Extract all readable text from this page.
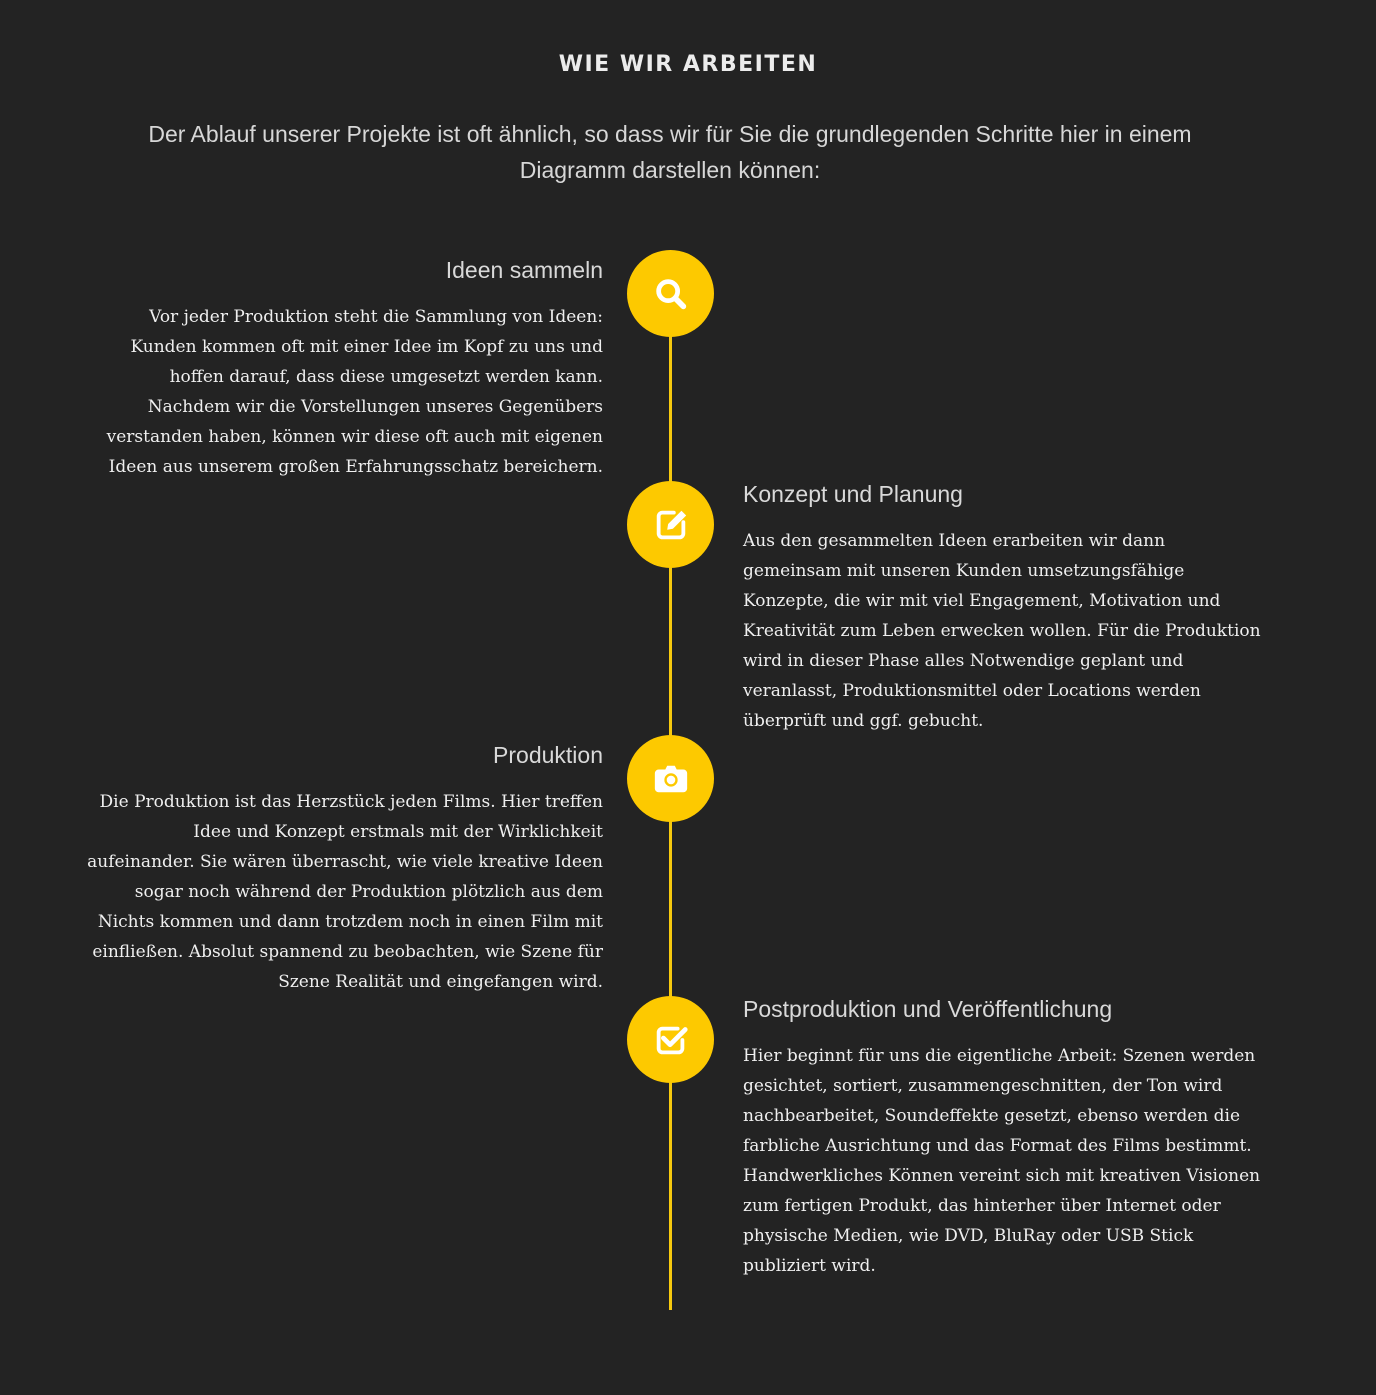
WIE WIR ARBEITEN

Der Ablauf unserer Projekte ist oft ähnlich, so dass wir für Sie die grundlegenden Schritte hier in einem Diagramm darstellen können:

Ideen sammeln

Vor jeder Produktion steht die Sammlung von Ideen: Kunden kommen oft mit einer Idee im Kopf zu uns und hoffen darauf, dass diese umgesetzt werden kann. Nachdem wir die Vorstellungen unseres Gegenübers verstanden haben, können wir diese oft auch mit eigenen Ideen aus unserem großen Erfahrungsschatz bereichern.

Konzept und Planung

Aus den gesammelten Ideen erarbeiten wir dann gemeinsam mit unseren Kunden umsetzungsfähige Konzepte, die wir mit viel Engagement, Motivation und Kreativität zum Leben erwecken wollen. Für die Produktion wird in dieser Phase alles Notwendige geplant und veranlasst, Produktionsmittel oder Locations werden überprüft und ggf. gebucht.

Produktion

Die Produktion ist das Herzstück jeden Films. Hier treffen Idee und Konzept erstmals mit der Wirklichkeit aufeinander. Sie wären überrascht, wie viele kreative Ideen sogar noch während der Produktion plötzlich aus dem Nichts kommen und dann trotzdem noch in einen Film mit einfließen. Absolut spannend zu beobachten, wie Szene für Szene Realität und eingefangen wird.

Postproduktion und Veröffentlichung

Hier beginnt für uns die eigentliche Arbeit: Szenen werden gesichtet, sortiert, zusammengeschnitten, der Ton wird nachbearbeitet, Soundeffekte gesetzt, ebenso werden die farbliche Ausrichtung und das Format des Films bestimmt. Handwerkliches Können vereint sich mit kreativen Visionen zum fertigen Produkt, das hinterher über Internet oder physische Medien, wie DVD, BluRay oder USB Stick publiziert wird.
